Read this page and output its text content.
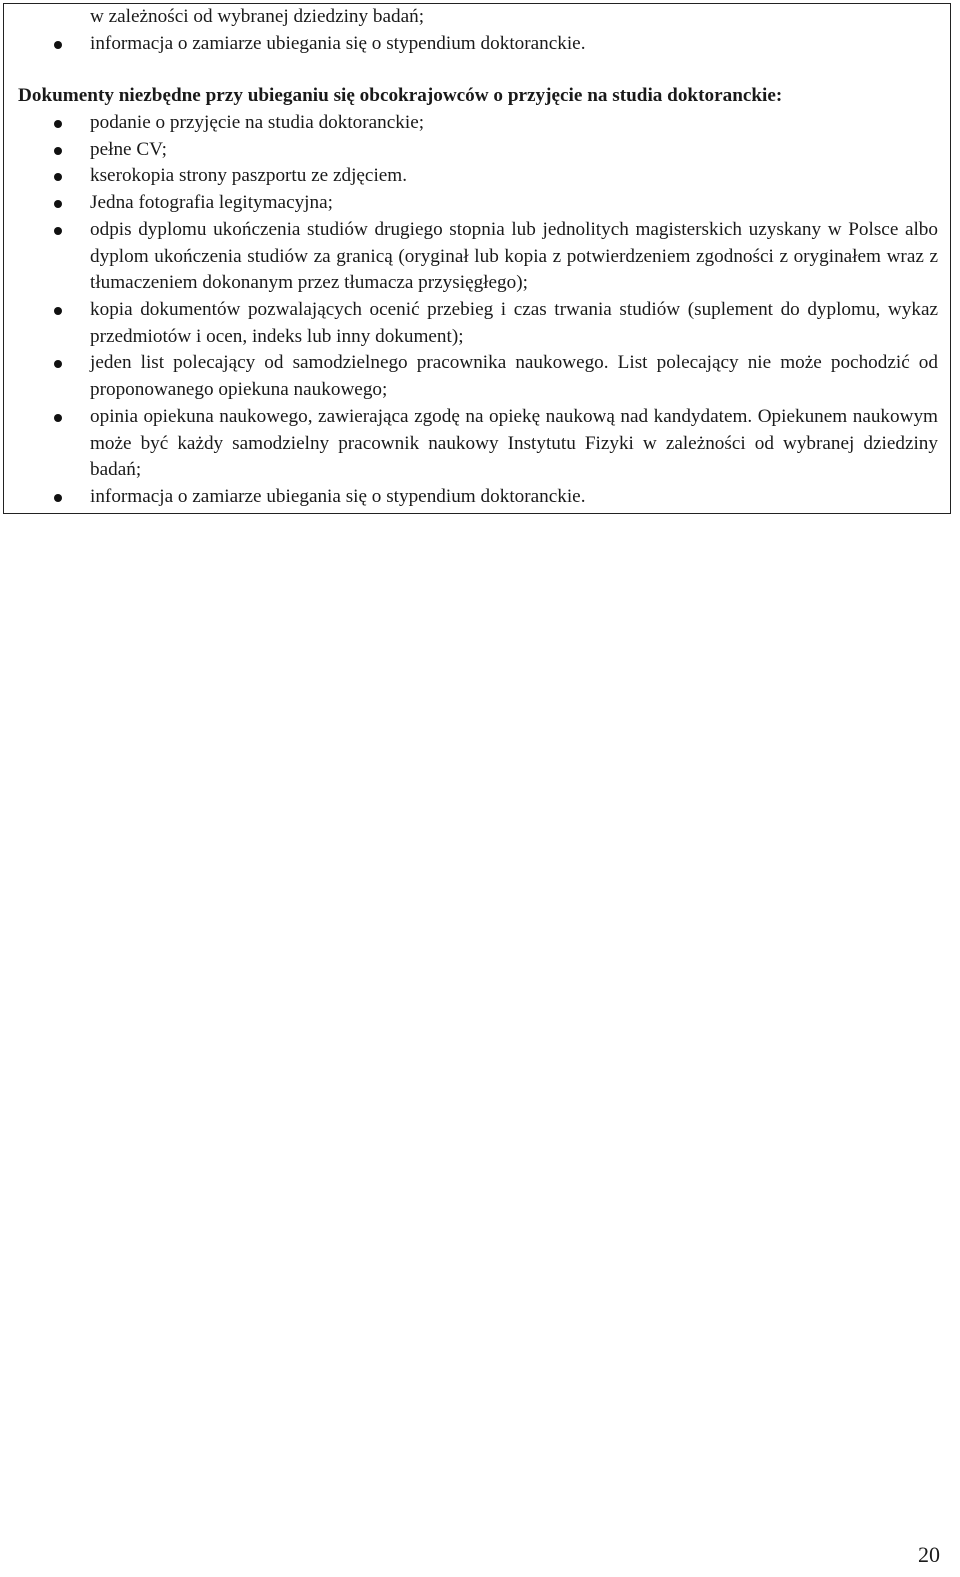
w zależności od wybranej dziedziny badań;
informacja o zamiarze ubiegania się o stypendium doktoranckie.
Dokumenty niezbędne przy ubieganiu się obcokrajowców o przyjęcie na studia doktoranckie:
podanie o przyjęcie na studia doktoranckie;
pełne CV;
kserokopia strony paszportu ze zdjęciem.
Jedna fotografia legitymacyjna;
odpis dyplomu ukończenia studiów drugiego stopnia lub jednolitych magisterskich uzyskany w Polsce albo dyplom ukończenia studiów za granicą (oryginał lub kopia z potwierdzeniem zgodności z oryginałem wraz z tłumaczeniem dokonanym przez tłumacza przysięgłego);
kopia dokumentów pozwalających ocenić przebieg i czas trwania studiów (suplement do dyplomu, wykaz przedmiotów i ocen, indeks lub inny dokument);
jeden list polecający od samodzielnego pracownika naukowego. List polecający nie może pochodzić od proponowanego opiekuna naukowego;
opinia opiekuna naukowego, zawierająca zgodę na opiekę naukową nad kandydatem. Opiekunem naukowym może być każdy samodzielny pracownik naukowy Instytutu Fizyki w zależności od wybranej dziedziny badań;
informacja o zamiarze ubiegania się o stypendium doktoranckie.
20
